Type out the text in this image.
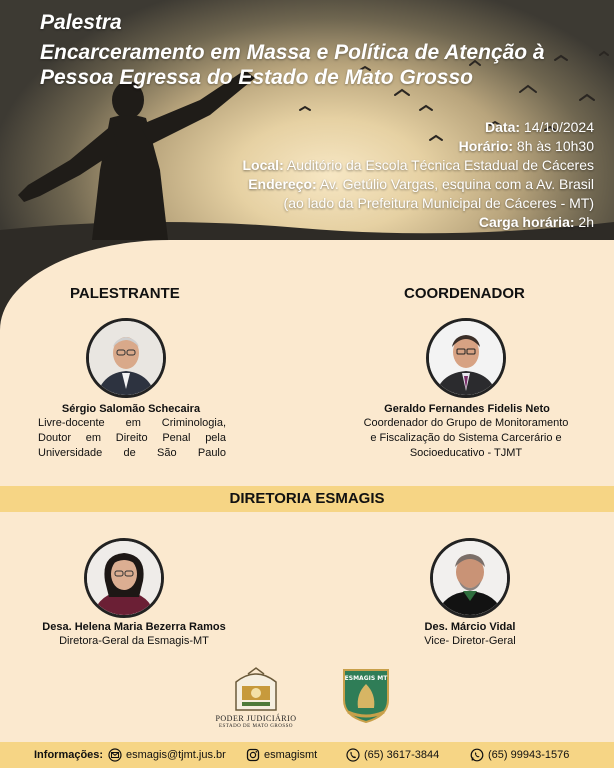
Palestra
Encarceramento em Massa e Política de Atenção à Pessoa Egressa do Estado de Mato Grosso
Data: 14/10/2024
Horário: 8h às 10h30
Local: Auditório da Escola Técnica Estadual de Cáceres
Endereço: Av. Getúlio Vargas, esquina com a Av. Brasil
(ao lado da Prefeitura Municipal de Cáceres - MT)
Carga horária: 2h
PALESTRANTE
Sérgio Salomão Schecaira
Livre-docente em Criminologia,
Doutor em Direito Penal pela
Universidade de São Paulo
COORDENADOR
Geraldo Fernandes Fidelis Neto
Coordenador do Grupo de Monitoramento
e Fiscalização do Sistema Carcerário e
Socioeducativo - TJMT
DIRETORIA ESMAGIS
Desa. Helena Maria Bezerra Ramos
Diretora-Geral da Esmagis-MT
Des. Márcio Vidal
Vice- Diretor-Geral
PODER JUDICIÁRIO
ESTADO DE MATO GROSSO
ESMAGIS MT
Informações: esmagis@tjmt.jus.br	esmagismt	(65) 3617-3844	(65) 99943-1576
